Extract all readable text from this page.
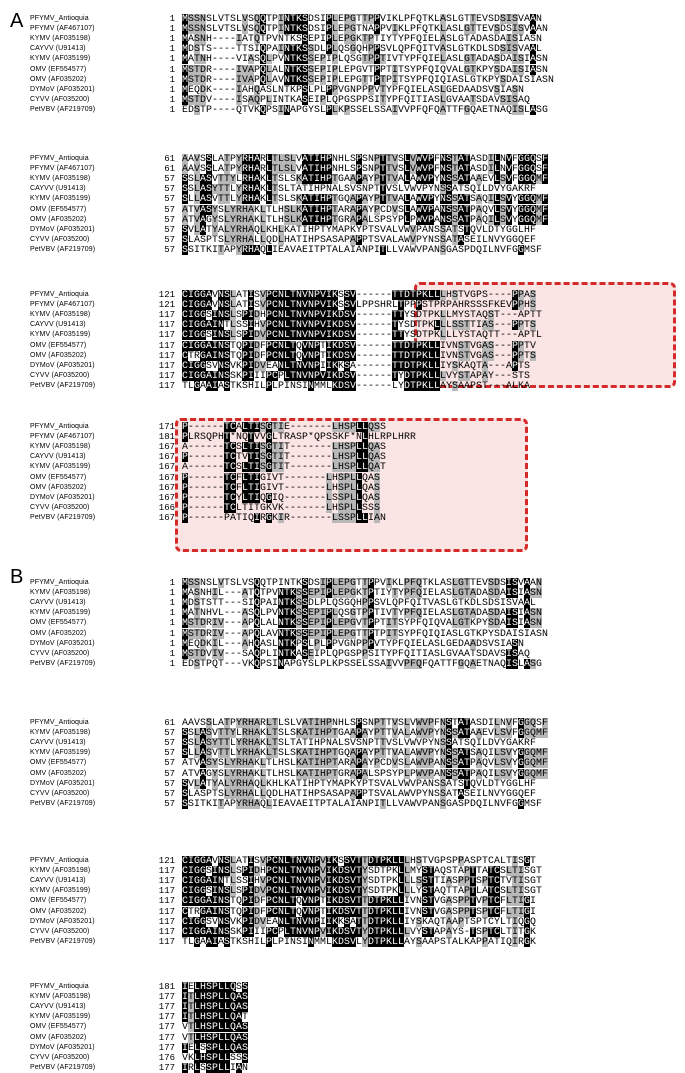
A
B
PFYMV_Antioquia	1 M S S N S L V T S L V S Q Q T P I N T K S D S I P L E P G T T P P V I K L P F Q T K L A S L G T T E V S D S I S V A A N
PFYMV (AF467107)	1 M S S N S L V T S L V S Q Q T P I N T K S D S I P L E P G T N A P P V I K L P F Q T K L A S L G T T E V S D S I S V A A N
KYMV (AF035198)	1 M A S N H - - - - I A T Q T P V N T K S S E P I P L E P G K T P T I Y T Y P F Q I E L A S L G T A D A S D A I S I A S N
CAYVV (U91413)	1 M D S T S - - - - T T S I Q P A I N T K S S D L P L Q S G Q H P P S V L Q P F Q I T V A S L G T K D L S D S I S V A A L
KYMV (AF035199)	1 M A T N H - - - - V I A S Q L P V N T K S S E P I P L Q S G T P P T I V T Y P F Q I E L A S L G T A D A S D A I S I A S N
OMV (EF554577)	1 M S T D R - - - - I V A P Q L A L N T K S S E P I P L E P G V T P P T I T S Y P F Q I Q V A L G T K P Y S D A I S I A S N
OMV (AF035202)	1 M S T D R - - - - I V A P Q L A V N T K S S E P I P L E P G T T P T P I T S Y P F Q I Q I A S L G T K P Y S D A I S I A S N
DYMoV (AF035201)	1 M E Q D K - - - - I A H Q A S L N T K P S L P L P P V G N P P P V T Y P F Q I E L A S L G E D A A D S V S I A S N
CYVV (AF035200)	1 M S T D V - - - - I S A Q P L I N T K A S E I P L Q P G S P P S I T Y P F Q I T I A S L G V A A T S D A V S I S A Q
PetVBV (AF219709)	1 E D S T P - - - - Q T V K Q P S I N A P G Y S L P L K P S S E L S S A I V V P F Q F Q A T T F G Q A E T N A Q I S L A S G
PFYMV_Antioquia	61 A A V S S L A T P Y R H A R L T L S L V A T I H P N H L S P S N P T T V S L V W V P F N S T A T A S D I L N V F G G Q S F
PFYMV (AF467107)	61 A A V S S L A T P Y R H A R L T L S L V A T I H P N H L S P S N P T T V S L V W V P F N S T A T A S D I L N V F G G Q S F
KYMV (AF035198)	57 S S L A S V T T Y L R H A K L T S L S K A T I H P T G A A P A Y P T T V A L A W V P Y N S S A T A A E V L S V F G G Q M F
CAYVV (U91413)	57 S S L A S Y T T L Y R H A K L T S L T A T I H P N A L S V S N P T T V S L V W V P Y N S S A T S Q I L D V Y G A K R F
KYMV (AF035199)	57 S L L A S V T T L Y R H A K L T S L S K A T I H P T G Q A P A Y P T T V A L A W V P Y N S S A T S A Q I L S V Y G G Q M F
OMV (EF554577)	57 A T V A S Y S L Y R H A K L T L H S L K A T I H P T A R A P A Y P C D V S L A W V P A N S S A T P A Q V L S V Y G G Q M F
OMV (AF035202)	57 A T V A G Y S L Y R H A K L T L H S L K A T I H P T G R A P A L S P S Y P L P W V P A N S S A T P A Q I L S V Y G G Q M F
DYMoV (AF035201)	57 S V L A T Y A L Y R H A Q L K H L K A T I H P T Y M A P K Y P T S V A L V W V P A N S S A T S T Q V L D T Y G G L H F
CYVV (AF035200)	57 S L A S P T S L Y R H A L L Q D L H A T I H P S A S A P A P P T S V A L A W V P Y N S S A T A S E I L N V Y G G Q E F
PetVBV (AF219709)	57 S S I T K I T A P Y R H A Q L I E A V A E I T P T A L A I A N P I T L L V A W V P A N S G A S P D Q I L N V F G G M S F
PFYMV_Antioquia	121 C I G G A V N S L A T I S V P C N L T N V N P V I K S S V - - - - - - T T D T P K L L L H S T V G P S - - - - P P A S
PFYMV (AF467107)	121 C I G G A V N S L A T I S V P C N L T N V N P V I K S S V L P P S H R L T P P P S T P R P A H R S S S F K E V P P H S
KYMV (AF035198)	117 C I G G S I N S L S P I D H P C N L T N V N P V I K D S V - - - - - - T T Y S D T P K L L M Y S T A Q S T - - - A P T T
CAYVV (U91413)	117 C I G G A I N T L S S I H V P C N L T N V N P V I K D S V - - - - - - T Y S D T P K L L L S S T T I A S - - - P P T S
KYMV (AF035199)	117 C I G G S I N S L S P I D V P C N L T N V N P V I K D S V - - - - - - T T Y S D T P K L L L Y S T A Q T T - - - A P T L
OMV (EF554577)	117 C I G G A I N S T Q P I D F P C N L T Q V N P T I K D S V - - - - - - T T D T P K L L I V N S T V G A S - - - P P T V
OMV (AF035202)	117 C T R G A I N S T Q P I D F P C N L T Q V N P T I K D S V - - - - - - T T D T P K L L I V N S T V G A S - - - P P T S
DYMoV (AF035201)	117 C I G G S V N S V K P I D V E A N L T N V N P I I K K S A - - - - - - T T D T P K L L I Y S K A Q T A - - - A P T S
CYVV (AF035200)	117 C I G G A I N S S K P I I I P C P L T N V N P V I K D S V - - - - - - T Y D T P K L L L V Y S T A P A Y - - - S T S
PetVBV (AF219709)	117 T L G A A I A S T K S H I L P L P I N S I N M M L K D S V - - - - - - L Y D T P K L L A Y S A A P S T - - - A L K A
PFYMV_Antioquia	171 P - - - - - - T C A L T I S G T I E - - - - - - - L H S P L L Q S S
PFYMV (AF467107)	181 P L R S Q P H T * N Q T V V G L T R A S P * Q P S S K F * N L H L R P L H R R
KYMV (AF035198)	167 A - - - - - - T C S L T I S G T I T - - - - - - - L H S P L L Q A S
CAYVV (U91413)	167 P - - - - - - T C T V T I S G T I T - - - - - - - L H S P L L Q A S
KYMV (AF035199)	167 A - - - - - - T C S L T I S G T I T - - - - - - - L H S P L L Q A T
OMV (EF554577)	167 P - - - - - - T C F L T I G I V T - - - - - - - L H S P L L Q A S
OMV (AF035202)	167 P - - - - - - T C F L T I G I V T - - - - - - - L H S P L L Q A S
DYMoV (AF035201)	167 P - - - - - - T C Y L T I Q G I Q - - - - - - - L S S P L L Q A S
CYVV (AF035200)	166 P - - - - - - T C L T I T G K V K - - - - - - - L H S P L L S S S
PetVBV (AF219709)	167 P - - - - - - P A T I Q I R G K I R - - - - - - - L S S P L L I A N
PFYMV_Antioquia	1 M S S N S L V T S L V S Q Q T P I N T K S D S I P L E P G T T P P V I K L P F Q T K L A S L G T T E V S D S I S V A A N
KYMV (AF035198)	1 M A S N H I L - - - A T Q T P V N T K S S E P I P L E P G K T P T I Y T Y P F Q I E L A S L G T A D A S D A I S I A S N
CAYVV (U91413)	1 M D S T S T T - - - S I Q P A I N T K S S D L P L Q S G Q H P P S V L Q P F Q I T V A S L G T K D L S D S I S V A A L
KYMV (AF035199)	1 M A T N H V L - - - A S Q L P V N T K S S E P I P L Q S G T P P T I V T Y P F Q I E L A S L G T A D A S D A I S I A S N
OMV (EF554577)	1 M S T D R I V - - - A P Q L A L N T K S S E P I P L E P G V T P P T I T S Y P F Q I Q V A L G T K P Y S D A I S I A S N
OMV (AF035202)	1 M S T D R I V - - - A P Q L A V N T K S S E P I P L E P G T T P T P I T S Y P F Q I Q I A S L G T K P Y S D A I S I A S N
DYMoV (AF035201)	1 M E Q D K I L - - - A H Q A S L N T K P S L P L P P V G N P P P V T Y P F Q I E L A S L G E D A A D S V S I A S N
CYVV (AF035200)	1 M S T D V I V - - - S A Q P L I N T K A S E I P L Q P G S P P S I T Y P F Q I T I A S L G V A A T S D A V S I S A Q
PetVBV (AF219709)	1 E D S T P Q T - - - V K Q P S I N A P G Y S L P L K P S S E L S S A I V V P F Q F Q A T T F G Q A E T N A Q I S L A S G
PFYMV_Antioquia	61 A A V S S L A T P Y R H A R L T L S L V A T I H P N H L S P S N P T T V S L V W V P F N S T A T A S D I L N V F G G Q S F
KYMV (AF035198)	57 S S L A S V T T Y L R H A K L T S L S K A T I H P T G A A P A Y P T T V A L A W V P Y N S S A T A A E V L S V F G G Q M F
CAYVV (U91413)	57 S S L A S Y T T L Y R H A K L T S L T A T I H P N A L S V S N P T T V S L V W V P Y N S S A T S Q I L D V Y G A K R F
KYMV (AF035199)	57 S L L A S V T T L Y R H A K L T S L S K A T I H P T G Q A P A Y P T T V A L A W V P Y N S S A T S A Q I L S V Y G G Q M F
OMV (EF554577)	57 A T V A S Y S L Y R H A K L T L H S L K A T I H P T A R A P A Y P C D V S L A W V P A N S S A T P A Q V L S V Y G G Q M F
OMV (AF035202)	57 A T V A G Y S L Y R H A K L T L H S L K A T I H P T G R A P A L S P S Y P L P W V P A N S S A T P A Q I L S V Y G G Q M F
DYMoV (AF035201)	57 S V L A T Y A L Y R H A Q L K H L K A T I H P T Y M A P K Y P T S V A L V W V P A N S S A T S T Q V L D T Y G G L H F
CYVV (AF035200)	57 S L A S P T S L Y R H A L L Q D L H A T I H P S A S A P A P P T S V A L A W V P Y N S S A T A S E I L N V Y G G Q E F
PetVBV (AF219709)	57 S S I T K I T A P Y R H A Q L I E A V A E I T P T A L A I A N P I T L L V A W V P A N S G A S P D Q I L N V F G G M S F
PFYMV_Antioquia	121 C I G G A V N S L A T I S V P C N L T N V N P V I K S S V T T D T P K L L L H S T V G P S P P A S P T C A L T I S G T
KYMV (AF035198)	117 C I G G S I N S L S P I D H P C N L T N V N P V I K D S V T Y S D T P K L L M Y S T A Q S T A P T T A T C S L T I S G T
CAYVV (U91413)	117 C I G G A I N T L S S I H V P C N L T N V N P V I K D S V T Y S D T P K L L L S S T T I A S P P T S P T C T V T I S G T
KYMV (AF035199)	117 C I G G S I N S L S P I D V P C N L T N V N P V I K D S V T Y S D T P K L L L Y S T A Q T T A P T L A T C S L T I S G T
OMV (EF554577)	117 C I G G A I N S T Q P I D F P C N L T Q V N P T I K D S V T T D T P K L L I V N S T V G A S P P T V P T C F L T I G I
OMV (AF035202)	117 C T R G A I N S T Q P I D F P C N L T Q V N P T I K D S V T T D T P K L L I V N S T V G A S P P T S P T C F L T I G I
DYMoV (AF035201)	117 C I G G S V N S V K P I D V E A N L T N V N P I I K K S A T T D T P K L L I Y S K A Q T A A P T S P T C Y L T I Q G Q
CYVV (AF035200)	117 C I G G A I N S S K P I I I P C P L T N V N P V I K D S V T Y D T P K L L L V Y S T A P A Y S - T S P T C L T I T G K
PetVBV (AF219709)	117 T L G A A I A S T K S H I L P L P I N S I N M M L K D S V L Y D T P K L L A Y S A A P S T A L K A P P A T I Q I R G K
PFYMV_Antioquia	181 I E L H S P L L Q S S
KYMV (AF035198)	177 I T L H S P L L Q A S
CAYVV (U91413)	177 I T L H S P L L Q A S
KYMV (AF035199)	177 I T L H S P L L Q A T
OMV (EF554577)	177 V T L H S P L L Q A S
OMV (AF035202)	177 V T L H S P L L Q A S
DYMoV (AF035201)	177 I E L S S P L L Q A S
CYVV (AF035200)	176 V K L H S P L L S S S
PetVBV (AF219709)	177 I R L S S P L L I A N
